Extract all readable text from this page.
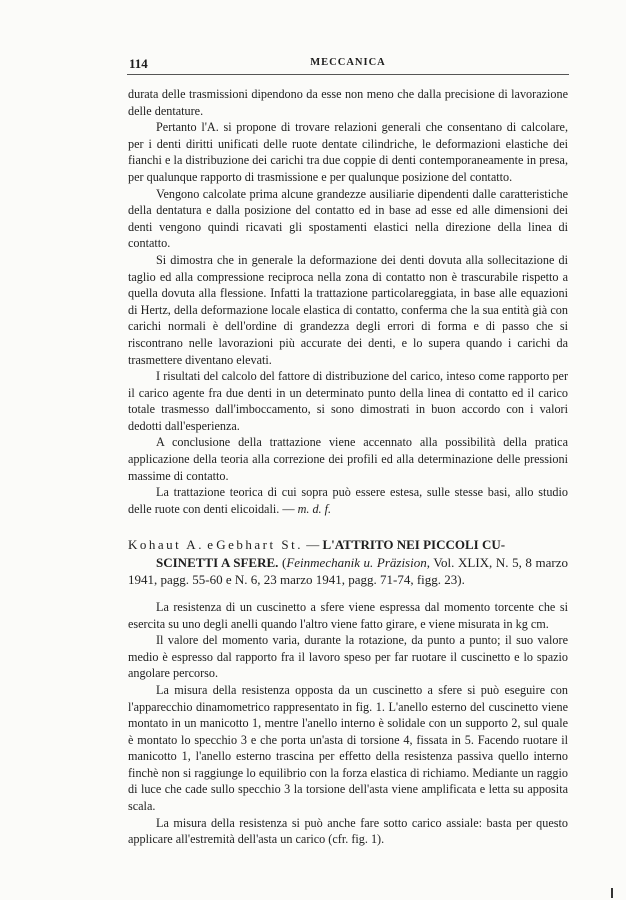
114	MECCANICA

durata delle trasmissioni dipendono da esse non meno che dalla precisione di lavorazione delle dentature.

Pertanto l'A. si propone di trovare relazioni generali che consentano di calcolare, per i denti diritti unificati delle ruote dentate cilindriche, le deformazioni elastiche dei fianchi e la distribuzione dei carichi tra due coppie di denti contemporaneamente in presa, per qualunque rapporto di trasmissione e per qualunque posizione del contatto.

Vengono calcolate prima alcune grandezze ausiliarie dipendenti dalle caratteristiche della dentatura e dalla posizione del contatto ed in base ad esse ed alle dimensioni dei denti vengono quindi ricavati gli spostamenti elastici nella direzione della linea di contatto.

Si dimostra che in generale la deformazione dei denti dovuta alla sollecitazione di taglio ed alla compressione reciproca nella zona di contatto non è trascurabile rispetto a quella dovuta alla flessione. Infatti la trattazione particolareggiata, in base alle equazioni di Hertz, della deformazione locale elastica di contatto, conferma che la sua entità già con carichi normali è dell'ordine di grandezza degli errori di forma e di passo che si riscontrano nelle lavorazioni più accurate dei denti, e lo supera quando i carichi da trasmettere diventano elevati.

I risultati del calcolo del fattore di distribuzione del carico, inteso come rapporto per il carico agente fra due denti in un determinato punto della linea di contatto ed il carico totale trasmesso dall'imboccamento, si sono dimostrati in buon accordo con i valori dedotti dall'esperienza.

A conclusione della trattazione viene accennato alla possibilità della pratica applicazione della teoria alla correzione dei profili ed alla determinazione delle pressioni massime di contatto.

La trattazione teorica di cui sopra può essere estesa, sulle stesse basi, allo studio delle ruote con denti elicoidali. — m. d. f.

Kohaut A. e Gebhart St. — L'ATTRITO NEI PICCOLI CU-
SCINETTI A SFERE. (Feinmechanik u. Präzision, Vol. XLIX, N. 5, 8 marzo 1941, pagg. 55-60 e N. 6, 23 marzo 1941, pagg. 71-74, figg. 23).

La resistenza di un cuscinetto a sfere viene espressa dal momento torcente che si esercita su uno degli anelli quando l'altro viene fatto girare, e viene misurata in kg cm.

Il valore del momento varia, durante la rotazione, da punto a punto; il suo valore medio è espresso dal rapporto fra il lavoro speso per far ruotare il cuscinetto e lo spazio angolare percorso.

La misura della resistenza opposta da un cuscinetto a sfere si può eseguire con l'apparecchio dinamometrico rappresentato in fig. 1. L'anello esterno del cuscinetto viene montato in un manicotto 1, mentre l'anello interno è solidale con un supporto 2, sul quale è montato lo specchio 3 e che porta un'asta di torsione 4, fissata in 5. Facendo ruotare il manicotto 1, l'anello esterno trascina per effetto della resistenza passiva quello interno finchè non si raggiunge lo equilibrio con la forza elastica di richiamo. Mediante un raggio di luce che cade sullo specchio 3 la torsione dell'asta viene amplificata e letta su apposita scala.

La misura della resistenza si può anche fare sotto carico assiale: basta per questo applicare all'estremità dell'asta un carico (cfr. fig. 1).
